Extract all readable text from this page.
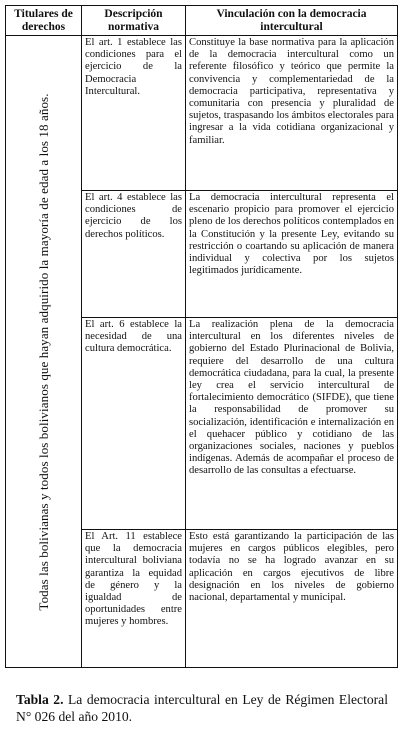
Titulares de derechos	Descripción normativa	Vinculación con la democracia intercultural

Todas las bolivianas y todos los bolivianos que hayan adquirido la mayoría de edad a los 18 años.	El art. 1 establece las condiciones para el ejercicio de la Democracia Intercultural.	Constituye la base normativa para la aplicación de la democracia intercultural como un referente filosófico y teórico que permite la convivencia y complementariedad de la democracia participativa, representativa y comunitaria con presencia y pluralidad de sujetos, traspasando los ámbitos electorales para ingresar a la vida cotidiana organizacional y familiar.
	El art. 4 establece las condiciones de ejercicio de los derechos políticos.	La democracia intercultural representa el escenario propicio para promover el ejercicio pleno de los derechos políticos contemplados en la Constitución y la presente Ley, evitando su restricción o coartando su aplicación de manera individual y colectiva por los sujetos legitimados jurídicamente.
	El art. 6 establece la necesidad de una cultura democrática.	La realización plena de la democracia intercultural en los diferentes niveles de gobierno del Estado Plurinacional de Bolivia, requiere del desarrollo de una cultura democrática ciudadana, para la cual, la presente ley crea el servicio intercultural de fortalecimiento democrático (SIFDE), que tiene la responsabilidad de promover su socialización, identificación e internalización en el quehacer público y cotidiano de las organizaciones sociales, naciones y pueblos indígenas. Además de acompañar el proceso de desarrollo de las consultas a efectuarse.
	El Art. 11 establece que la democracia intercultural boliviana garantiza la equidad de género y la igualdad de oportunidades entre mujeres y hombres.	Esto está garantizando la participación de las mujeres en cargos públicos elegibles, pero todavía no se ha logrado avanzar en su aplicación en cargos ejecutivos de libre designación en los niveles de gobierno nacional, departamental y municipal.
Tabla 2. La democracia intercultural en Ley de Régimen Electoral N° 026 del año 2010.
